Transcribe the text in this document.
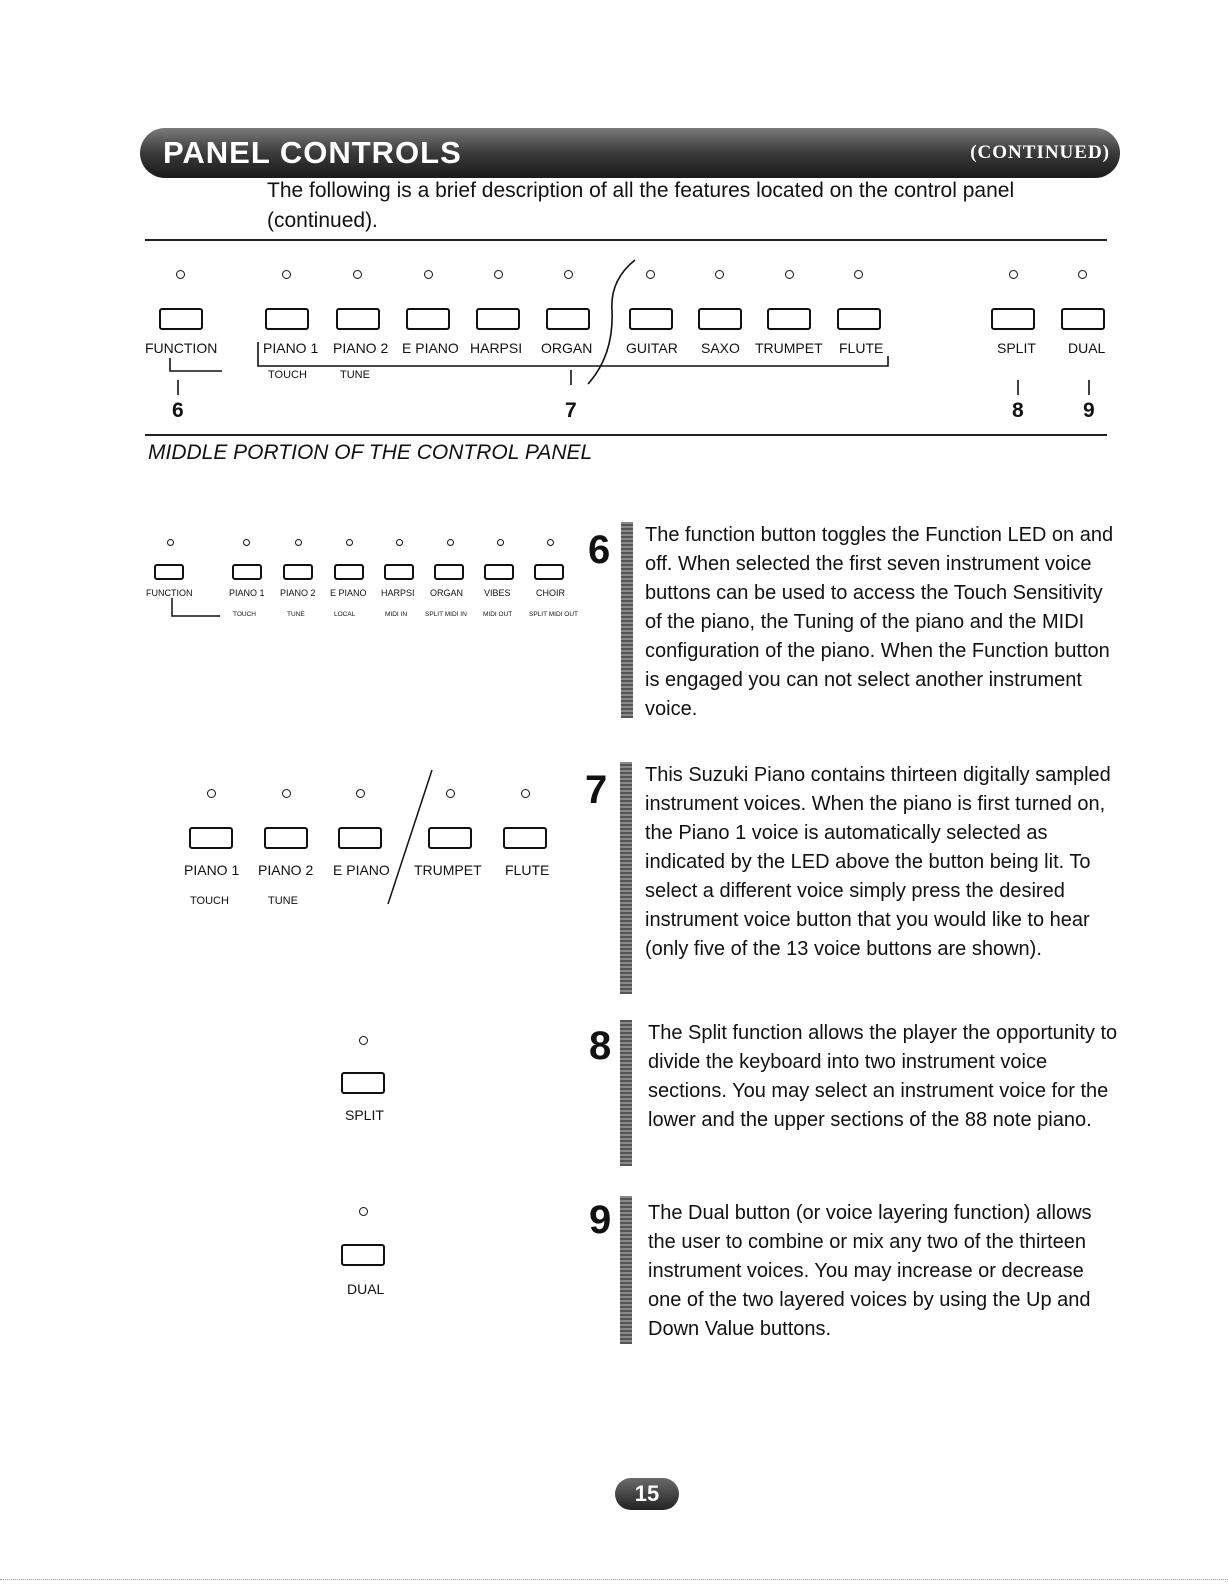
PANEL CONTROLS	(CONTINUED)
The following is a brief description of all the features located on the control panel (continued).
FUNCTION	PIANO 1 PIANO 2 E PIANO HARPSI ORGAN GUITAR SAXO TRUMPET FLUTE	SPLIT DUAL
TOUCH	TUNE
6	7	8	9
MIDDLE PORTION OF THE CONTROL PANEL
FUNCTION	PIANO 1 PIANO 2 E PIANO HARPSI ORGAN VIBES	CHOIR
TOUCH	TUNE	LOCAL	MIDI IN	SPLIT MIDI IN MIDI OUT	SPLIT MIDI OUT
PIANO 1 PIANO 2 E PIANO TRUMPET FLUTE
TOUCH	TUNE
SPLIT
DUAL
6 The function button toggles the Function LED on and off. When selected the first seven instrument voice buttons can be used to access the Touch Sensitivity of the piano, the Tuning of the piano and the MIDI configuration of the piano. When the Function button is engaged you can not select another instrument voice.
7 This Suzuki Piano contains thirteen digitally sampled instrument voices. When the piano is first turned on, the Piano 1 voice is automatically selected as indicated by the LED above the button being lit. To select a different voice simply press the desired instrument voice button that you would like to hear (only five of the 13 voice buttons are shown).
8 The Split function allows the player the opportunity to divide the keyboard into two instrument voice sections. You may select an instrument voice for the lower and the upper sections of the 88 note piano.
9 The Dual button (or voice layering function) allows the user to combine or mix any two of the thirteen instrument voices. You may increase or decrease one of the two layered voices by using the Up and Down Value buttons.
15
